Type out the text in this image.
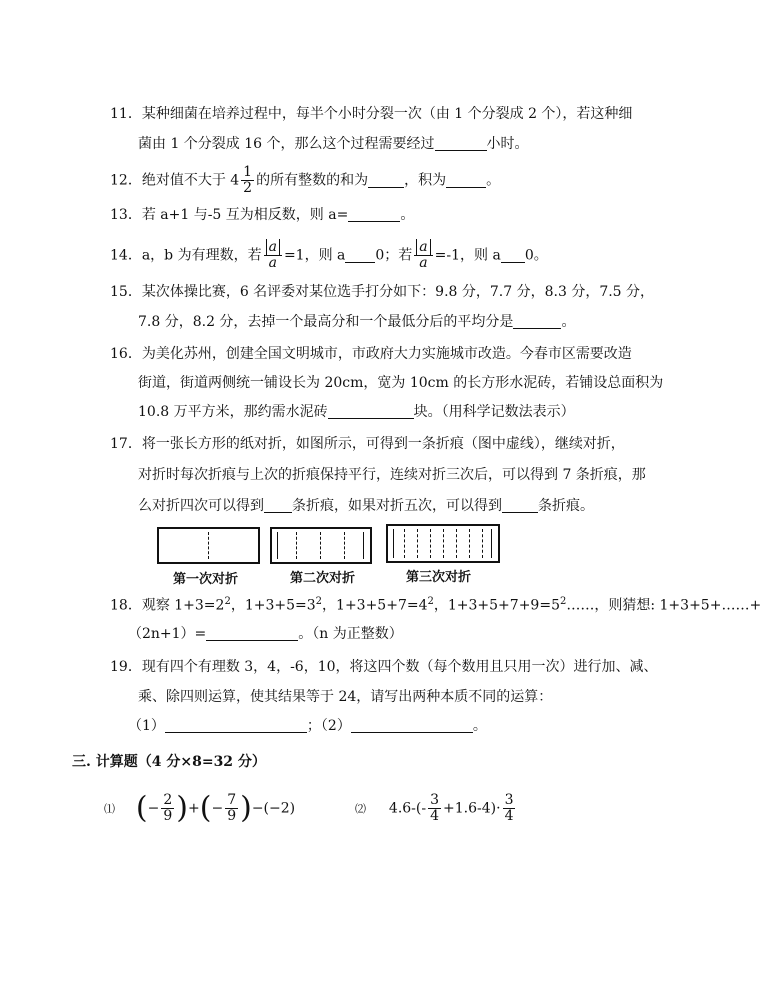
11．某种细菌在培养过程中，每半个小时分裂一次（由 1 个分裂成 2 个），若这种细
菌由 1 个分裂成 16 个，那么这个过程需要经过	小时。
12．绝对值不大于 $4 \frac{1}{2}$ 的所有整数的和为	，积为	。
13．若 a+1 与-5 互为相反数，则 a=	。
14．a，b 为有理数，若 $\frac{a}{a} =1$，则 a 0；若 $\frac{a}{a} =-1$，则 a 0。
15．某次体操比赛，6 名评委对某位选手打分如下：9.8 分，7.7 分，8.3 分，7.5 分，
7.8 分，8.2 分，去掉一个最高分和一个最低分后的平均分是	。
16．为美化苏州，创建全国文明城市，市政府大力实施城市改造。今春市区需要改造
街道，街道两侧统一铺设长为 20cm，宽为 10cm 的长方形水泥砖，若铺设总面积为
10.8 万平方米，那约需水泥砖	块。（用科学记数法表示）
17．将一张长方形的纸对折，如图所示，可得到一条折痕（图中虚线），继续对折，
对折时每次折痕与上次的折痕保持平行，连续对折三次后，可以得到 7 条折痕，那
么对折四次可以得到 条折痕，如果对折五次，可以得到	条折痕。
第一次对折	第二次对折	第三次对折
18．观察 $1+3=2^2$，$1+3+5=3^2$，$1+3+5+7=4^2$，$1+3+5+7+9=5^2\dots\dots$，则猜想: 1+3+5+……+
（2n+1）=	。（n 为正整数）
19．现有四个有理数 3，4，-6，10，将这四个数（每个数用且只用一次）进行加、减、
乘、除四则运算，使其结果等于 24，请写出两种本质不同的运算：
（1）	；（2）	。
三. 计算题（4 分×8=32 分）
⑴ (− $\frac{2}{9}$ )+(− $\frac{7}{9} )-(-2)$	⑵ $4.6-(- \frac{3}{4} +1.6-4)\cdot \frac{3}{4}$
